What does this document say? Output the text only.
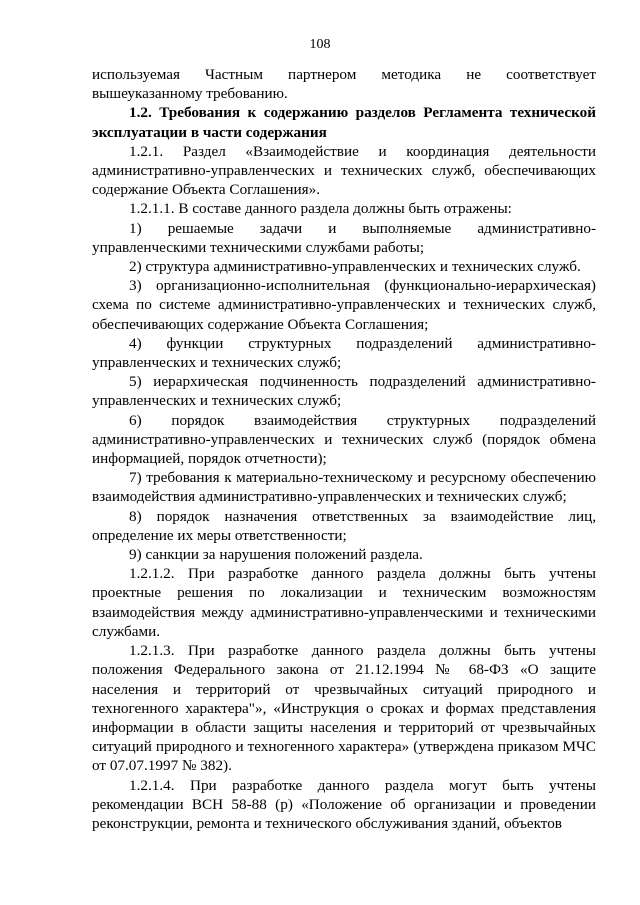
108

используемая Частным партнером методика не соответствует вышеуказанному требованию.

1.2. Требования к содержанию разделов Регламента технической эксплуатации в части содержания

1.2.1. Раздел «Взаимодействие и координация деятельности административно-управленческих и технических служб, обеспечивающих содержание Объекта Соглашения».

1.2.1.1. В составе данного раздела должны быть отражены:

1) решаемые задачи и выполняемые административно-управленческими техническими службами работы;

2) структура административно-управленческих и технических служб.

3) организационно-исполнительная (функционально-иерархическая) схема по системе административно-управленческих и технических служб, обеспечивающих содержание Объекта Соглашения;

4) функции структурных подразделений административно-управленческих и технических служб;

5) иерархическая подчиненность подразделений административно-управленческих и технических служб;

6) порядок взаимодействия структурных подразделений административно-управленческих и технических служб (порядок обмена информацией, порядок отчетности);

7) требования к материально-техническому и ресурсному обеспечению взаимодействия административно-управленческих и технических служб;

8) порядок назначения ответственных за взаимодействие лиц, определение их меры ответственности;

9) санкции за нарушения положений раздела.

1.2.1.2. При разработке данного раздела должны быть учтены проектные решения по локализации и техническим возможностям взаимодействия между административно-управленческими и техническими службами.

1.2.1.3. При разработке данного раздела должны быть учтены положения Федерального закона от 21.12.1994 № 68-ФЗ «О защите населения и территорий от чрезвычайных ситуаций природного и техногенного характера"», «Инструкция о сроках и формах представления информации в области защиты населения и территорий от чрезвычайных ситуаций природного и техногенного характера» (утверждена приказом МЧС от 07.07.1997 № 382).

1.2.1.4. При разработке данного раздела могут быть учтены рекомендации ВСН 58-88 (р) «Положение об организации и проведении реконструкции, ремонта и технического обслуживания зданий, объектов
